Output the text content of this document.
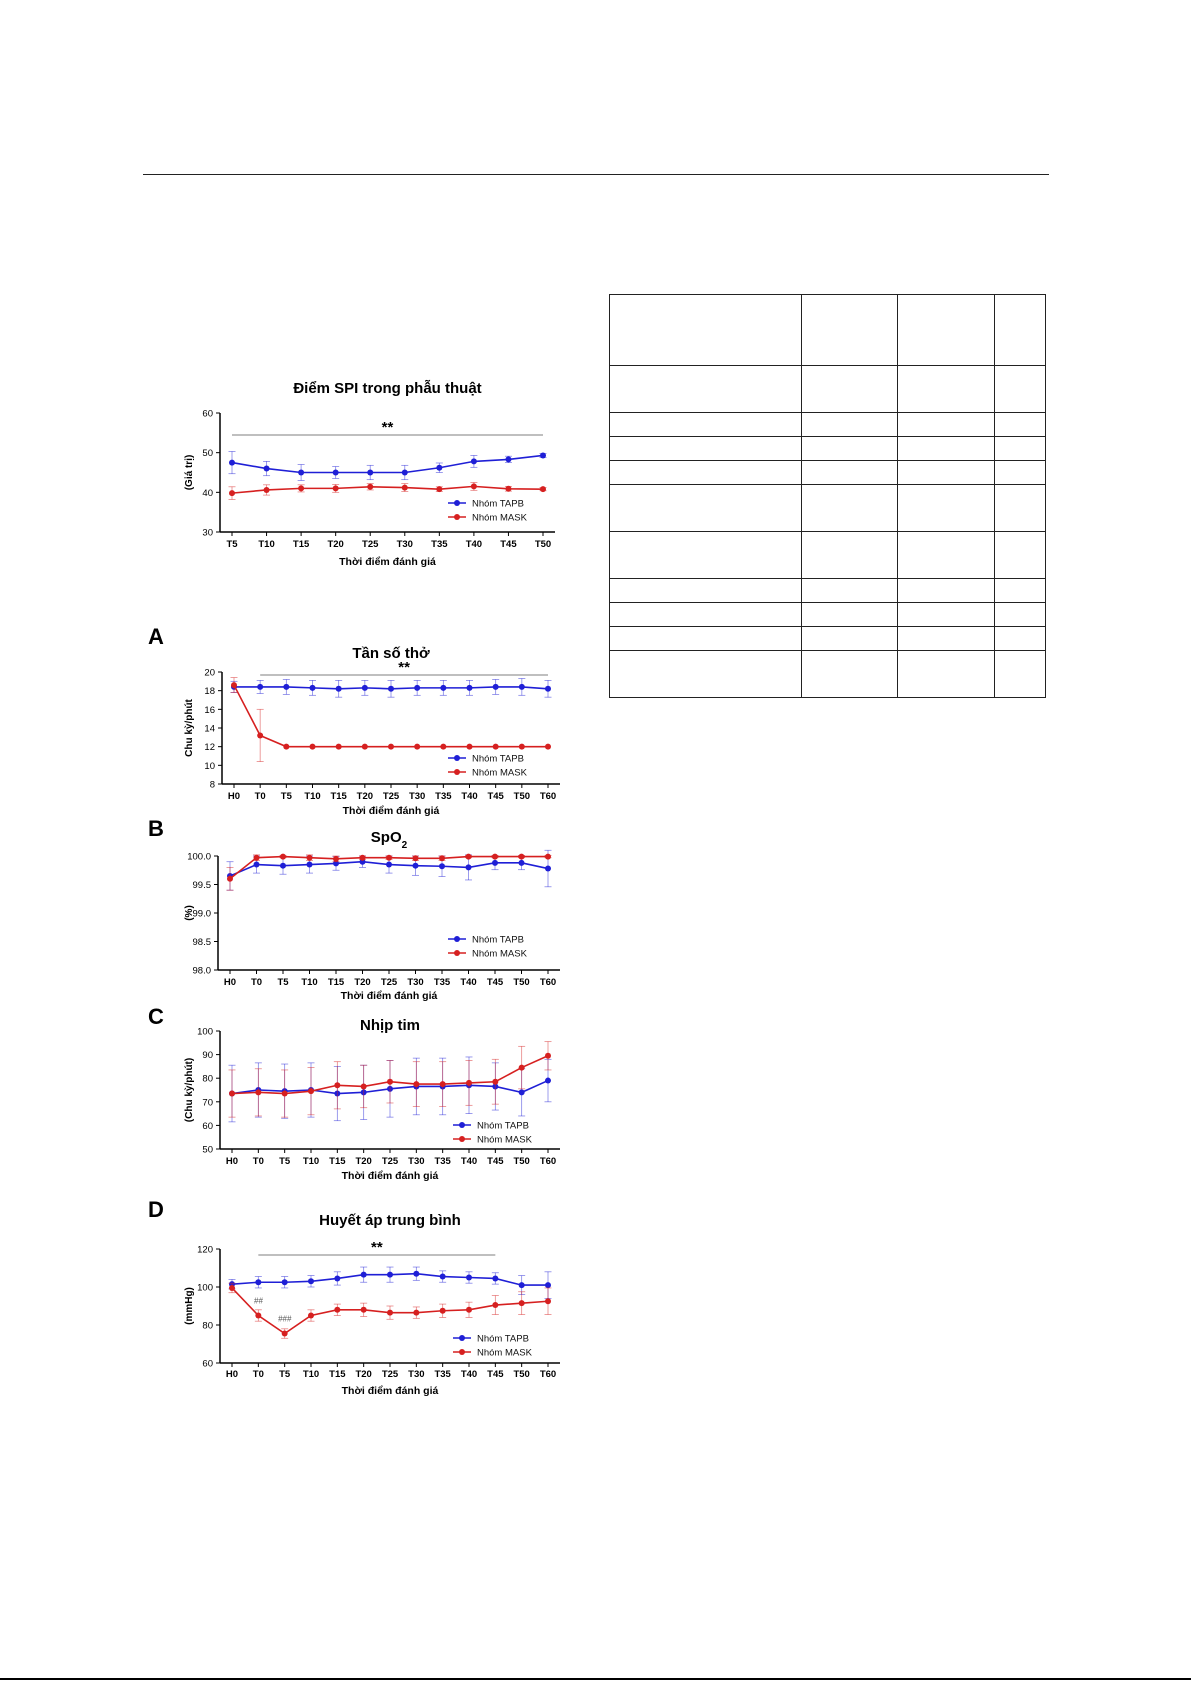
Điểm SPI trong phẫu thuật
30
40
50
60
T5 T10 T15 T20 T25 T30 T35 T40 T45 T50
Thời điểm đánh giá
(Giá trị)
**
Nhóm TAPB
Nhóm MASK
A
Tần số thở
8
10
12
14
16
18
20
H0 T0 T5 T10 T15 T20 T25 T30 T35 T40 T45 T50 T60
Thời điểm đánh giá
Chu kỳ/phút
**
Nhóm TAPB
Nhóm MASK
B	SpO$_2$
98.0
98.5
99.0
99.5
100.0
H0 T0 T5 T10 T15 T20 T25 T30 T35 T40 T45 T50 T60
Thời điểm đánh giá
(%)
Nhóm TAPB
Nhóm MASK
C	Nhịp tim
50
60
70
80
90
100
H0 T0 T5 T10 T15 T20 T25 T30 T35 T40 T45 T50 T60
Thời điểm đánh giá
(Chu kỳ/phút)
Nhóm TAPB
Nhóm MASK
D	Huyết áp trung bình
60
80
100
120
H0 T0 T5 T10 T15 T20 T25 T30 T35 T40 T45 T50 T60
Thời điểm đánh giá
(mmHg)
**
Nhóm TAPB
Nhóm MASK
##
###
